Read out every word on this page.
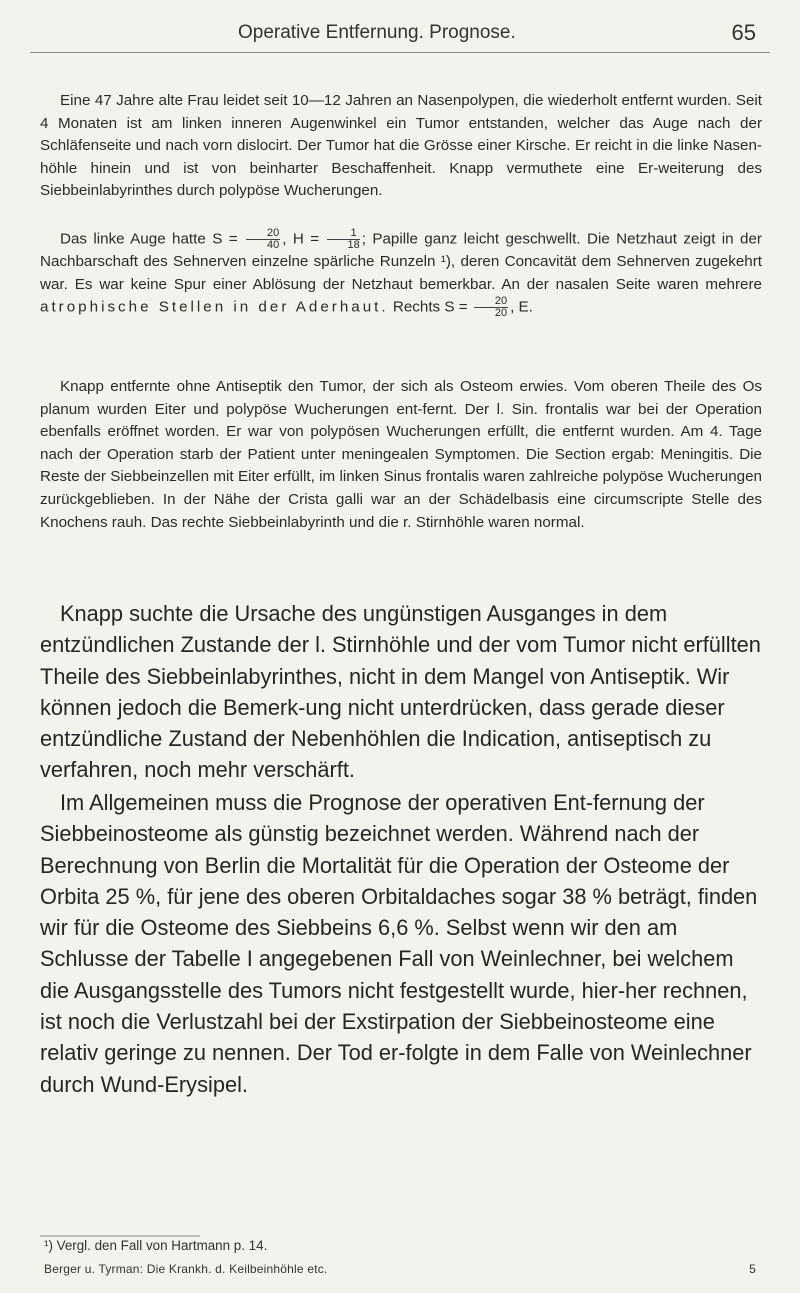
Operative Entfernung. Prognose.	65

Eine 47 Jahre alte Frau leidet seit 10—12 Jahren an Nasenpolypen, die wiederholt entfernt wurden. Seit 4 Monaten ist am linken inneren Augenwinkel ein Tumor entstanden, welcher das Auge nach der Schläfenseite und nach vorn dislocirt. Der Tumor hat die Grösse einer Kirsche. Er reicht in die linke Nasen-höhle hinein und ist von beinharter Beschaffenheit. Knapp vermuthete eine Er-weiterung des Siebbeinlabyrinthes durch polypöse Wucherungen.

Das linke Auge hatte $S = \frac{20}{40}$ , $H = \frac{1}{18}$ ; Papille ganz leicht geschwellt. Die Netzhaut zeigt in der Nachbarschaft des Sehnerven einzelne spärliche Runzeln ¹), deren Concavität dem Sehnerven zugekehrt war. Es war keine Spur einer Ablösung der Netzhaut bemerkbar. An der nasalen Seite waren mehrere atrophische Stellen in der Aderhaut. Rechts $S = \frac{20}{20}$ , E.

Knapp entfernte ohne Antiseptik den Tumor, der sich als Osteom erwies. Vom oberen Theile des Os planum wurden Eiter und polypöse Wucherungen ent-fernt. Der l. Sin. frontalis war bei der Operation ebenfalls eröffnet worden. Er war von polypösen Wucherungen erfüllt, die entfernt wurden. Am 4. Tage nach der Operation starb der Patient unter meningealen Symptomen. Die Section ergab: Meningitis. Die Reste der Siebbeinzellen mit Eiter erfüllt, im linken Sinus frontalis waren zahlreiche polypöse Wucherungen zurückgeblieben. In der Nähe der Crista galli war an der Schädelbasis eine circumscripte Stelle des Knochens rauh. Das rechte Siebbeinlabyrinth und die r. Stirnhöhle waren normal.

Knapp suchte die Ursache des ungünstigen Ausganges in dem entzündlichen Zustande der l. Stirnhöhle und der vom Tumor nicht erfüllten Theile des Siebbeinlabyrinthes, nicht in dem Mangel von Antiseptik. Wir können jedoch die Bemerk-ung nicht unterdrücken, dass gerade dieser entzündliche Zustand der Nebenhöhlen die Indication, antiseptisch zu verfahren, noch mehr verschärft.

Im Allgemeinen muss die Prognose der operativen Ent-fernung der Siebbeinosteome als günstig bezeichnet werden. Während nach der Berechnung von Berlin die Mortalität für die Operation der Osteome der Orbita 25 %, für jene des oberen Orbitaldaches sogar 38 % beträgt, finden wir für die Osteome des Siebbeins 6,6 %. Selbst wenn wir den am Schlusse der Tabelle I angegebenen Fall von Weinlechner, bei welchem die Ausgangsstelle des Tumors nicht festgestellt wurde, hier-her rechnen, ist noch die Verlustzahl bei der Exstirpation der Siebbeinosteome eine relativ geringe zu nennen. Der Tod er-folgte in dem Falle von Weinlechner durch Wund-Erysipel.

¹) Vergl. den Fall von Hartmann p. 14.
Berger u. Tyrman: Die Krankh. d. Keilbeinhöhle etc.	5
